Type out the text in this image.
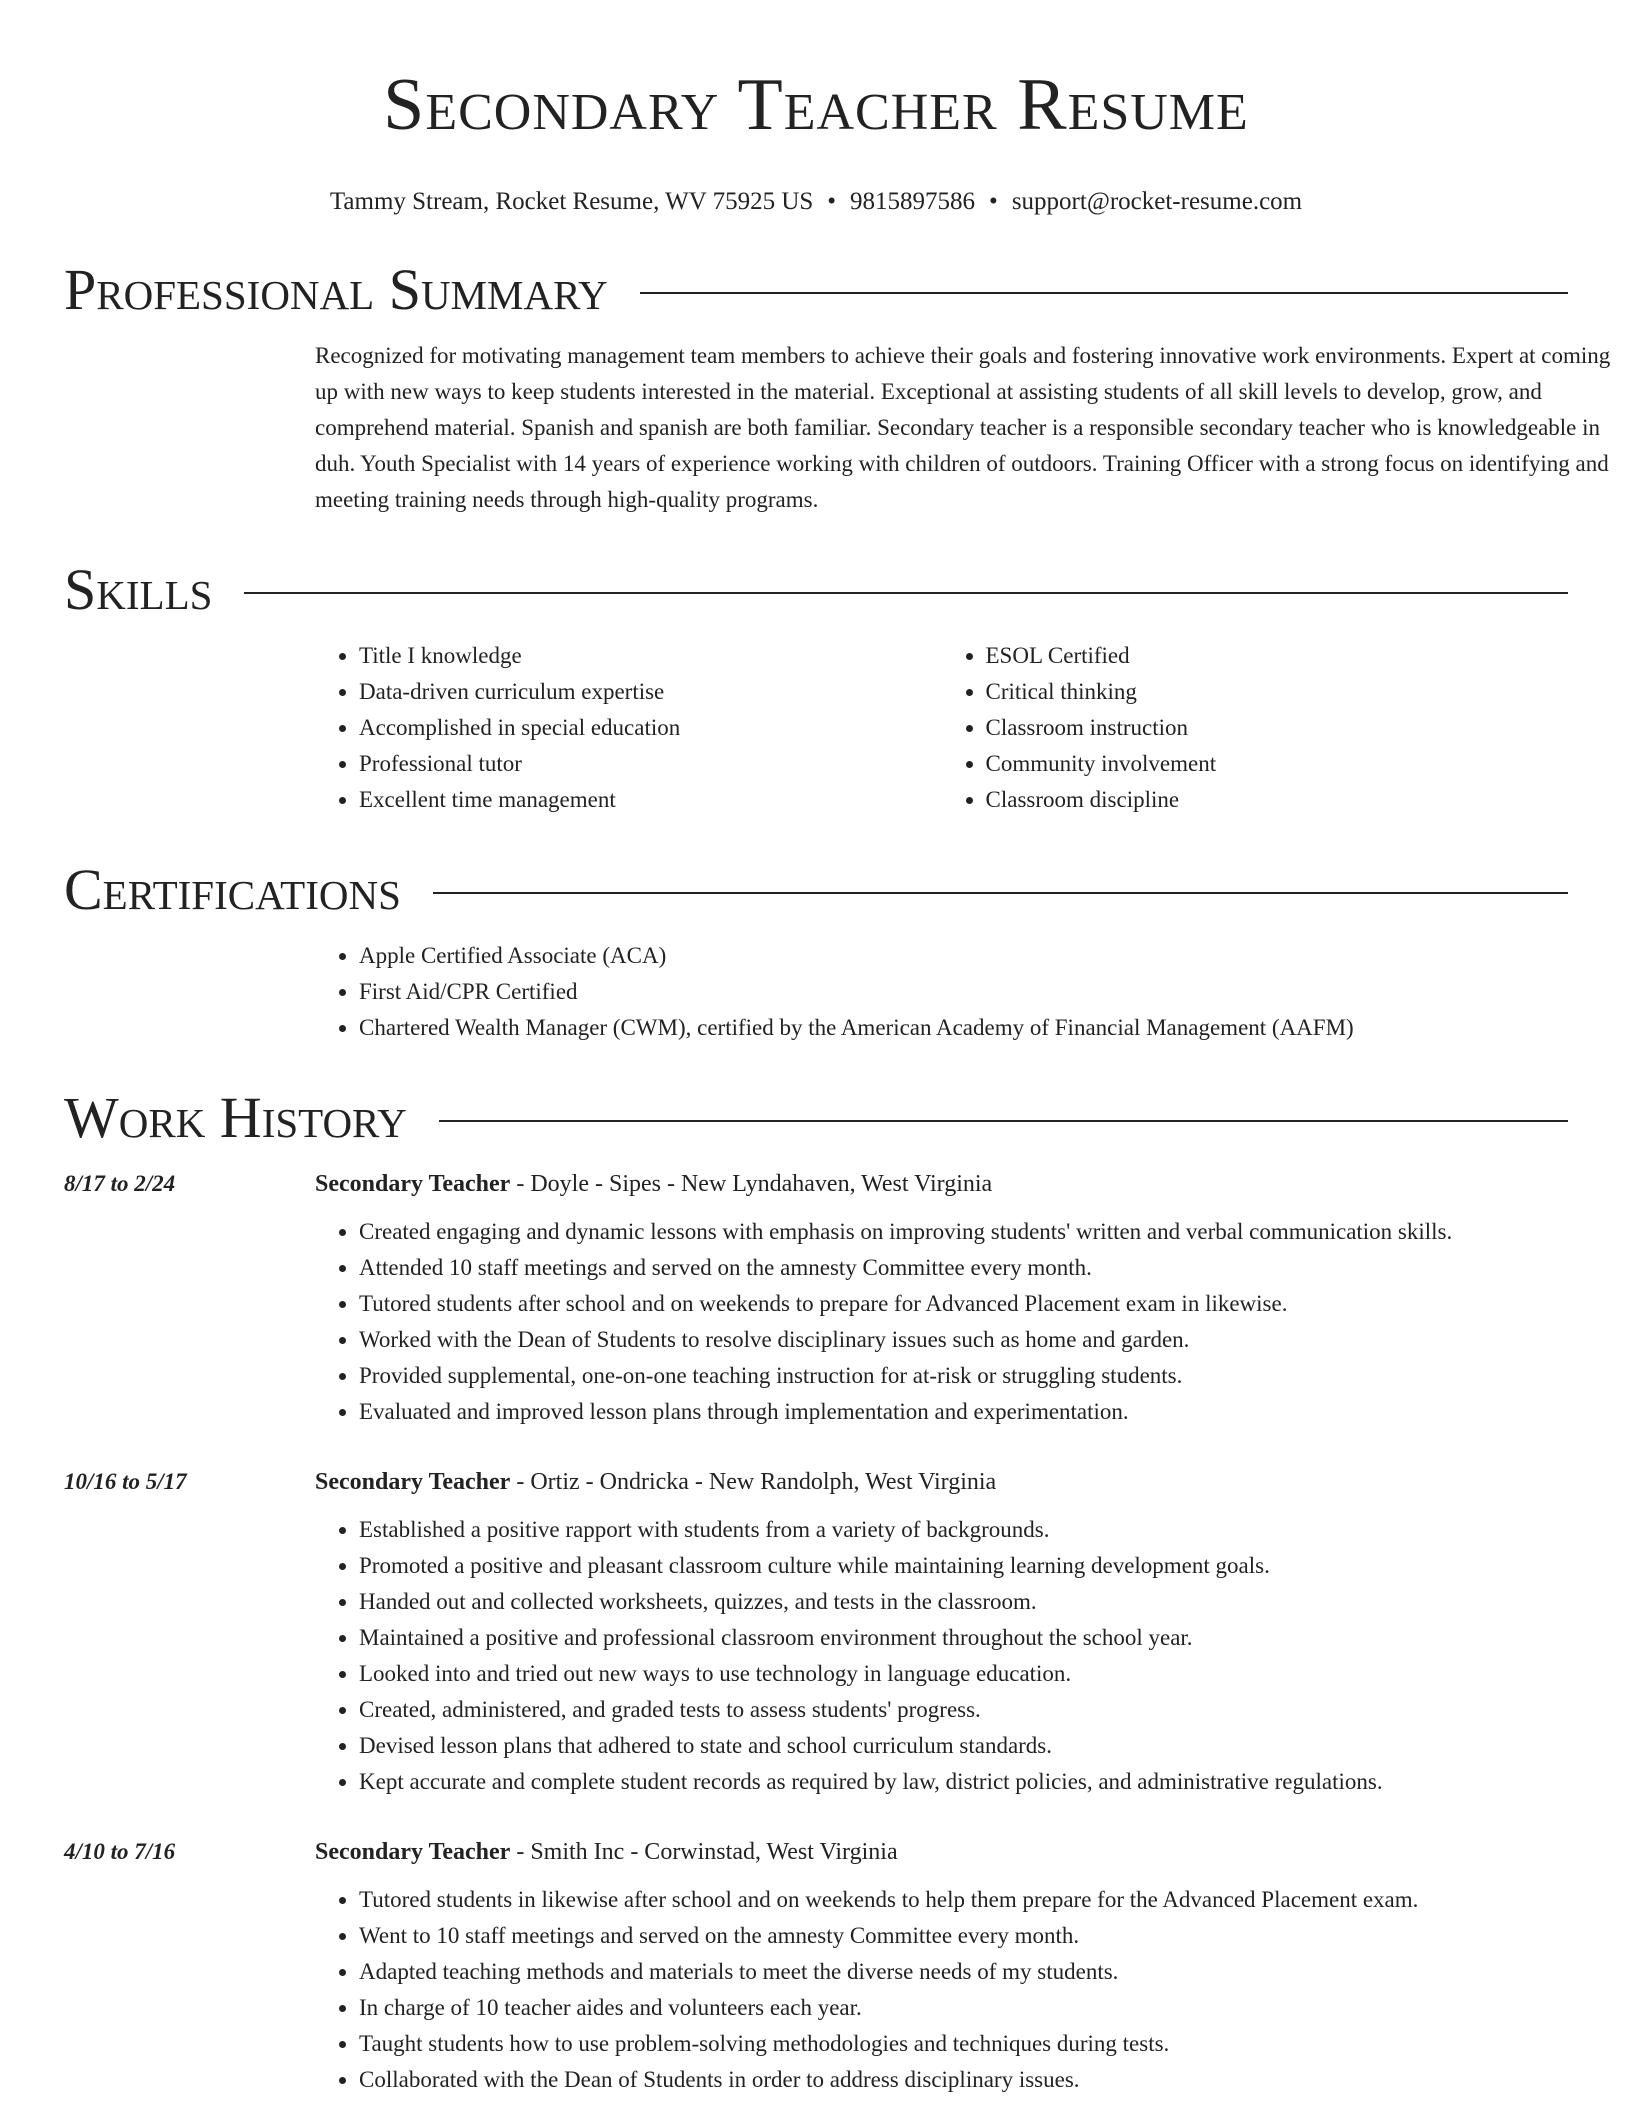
Secondary Teacher Resume
Tammy Stream, Rocket Resume, WV 75925 US • 9815897586 • support@rocket-resume.com
Professional Summary
Recognized for motivating management team members to achieve their goals and fostering innovative work environments. Expert at coming up with new ways to keep students interested in the material. Exceptional at assisting students of all skill levels to develop, grow, and comprehend material. Spanish and spanish are both familiar. Secondary teacher is a responsible secondary teacher who is knowledgeable in duh. Youth Specialist with 14 years of experience working with children of outdoors. Training Officer with a strong focus on identifying and meeting training needs through high-quality programs.
Skills
• Title I knowledge
• Data-driven curriculum expertise
• Accomplished in special education
• Professional tutor
• Excellent time management
• ESOL Certified
• Critical thinking
• Classroom instruction
• Community involvement
• Classroom discipline
Certifications
• Apple Certified Associate (ACA)
• First Aid/CPR Certified
• Chartered Wealth Manager (CWM), certified by the American Academy of Financial Management (AAFM)
Work History
8/17 to 2/24	Secondary Teacher - Doyle - Sipes - New Lyndahaven, West Virginia
• Created engaging and dynamic lessons with emphasis on improving students' written and verbal communication skills.
• Attended 10 staff meetings and served on the amnesty Committee every month.
• Tutored students after school and on weekends to prepare for Advanced Placement exam in likewise.
• Worked with the Dean of Students to resolve disciplinary issues such as home and garden.
• Provided supplemental, one-on-one teaching instruction for at-risk or struggling students.
• Evaluated and improved lesson plans through implementation and experimentation.
10/16 to 5/17	Secondary Teacher - Ortiz - Ondricka - New Randolph, West Virginia
• Established a positive rapport with students from a variety of backgrounds.
• Promoted a positive and pleasant classroom culture while maintaining learning development goals.
• Handed out and collected worksheets, quizzes, and tests in the classroom.
• Maintained a positive and professional classroom environment throughout the school year.
• Looked into and tried out new ways to use technology in language education.
• Created, administered, and graded tests to assess students' progress.
• Devised lesson plans that adhered to state and school curriculum standards.
• Kept accurate and complete student records as required by law, district policies, and administrative regulations.
4/10 to 7/16	Secondary Teacher - Smith Inc - Corwinstad, West Virginia
• Tutored students in likewise after school and on weekends to help them prepare for the Advanced Placement exam.
• Went to 10 staff meetings and served on the amnesty Committee every month.
• Adapted teaching methods and materials to meet the diverse needs of my students.
• In charge of 10 teacher aides and volunteers each year.
• Taught students how to use problem-solving methodologies and techniques during tests.
• Collaborated with the Dean of Students in order to address disciplinary issues.
